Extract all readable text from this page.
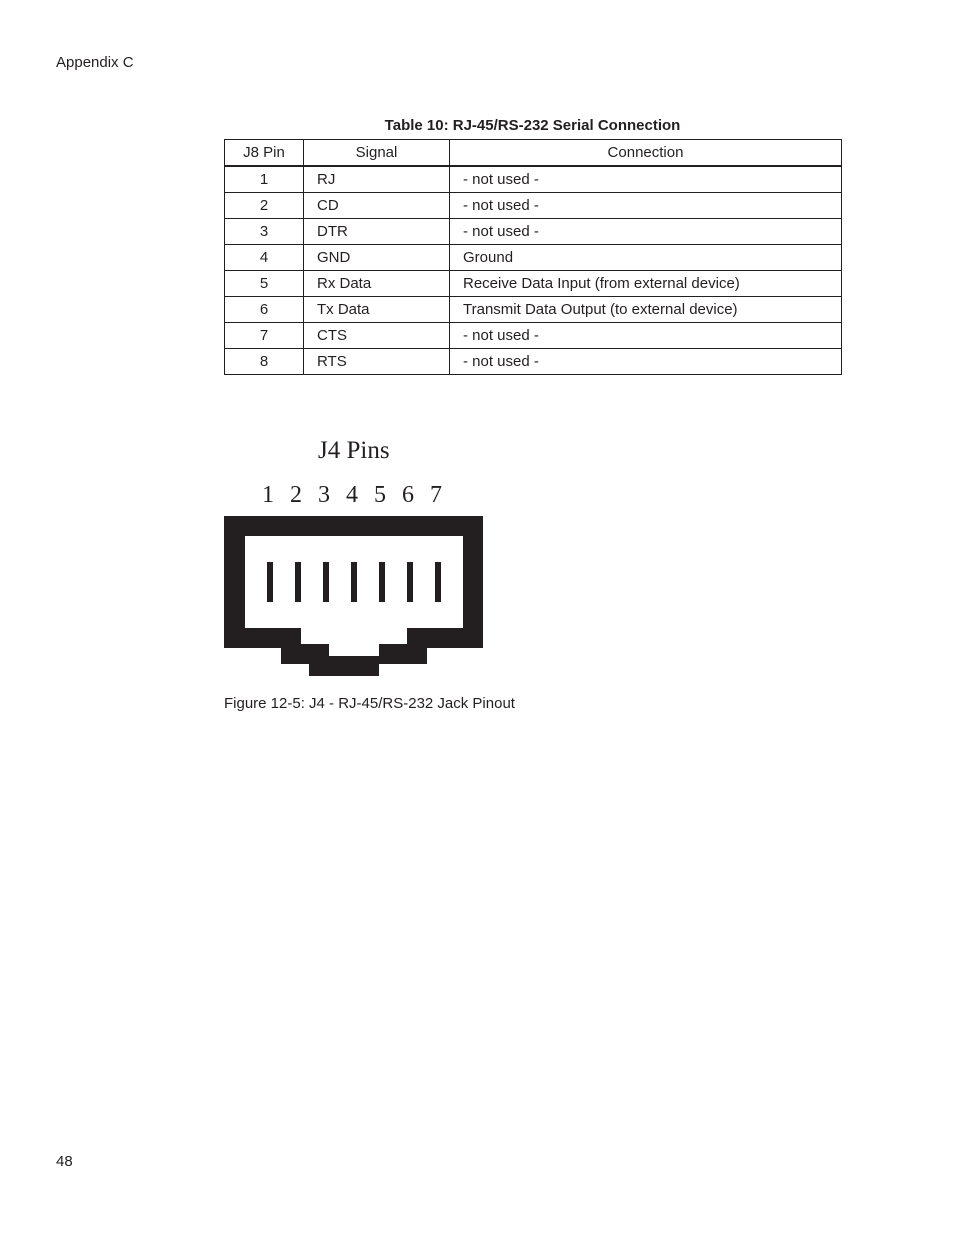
Appendix C
Table 10: RJ-45/RS-232 Serial Connection
J8 Pin	Signal	Connection
1	RJ	- not used -
2	CD	- not used -
3	DTR	- not used -
4	GND	Ground
5	Rx Data	Receive Data Input (from external device)
6	Tx Data	Transmit Data Output (to external device)
7	CTS	- not used -
8	RTS	- not used -
J4 Pins
1 2 3 4 5 6 7
Figure 12-5: J4 - RJ-45/RS-232 Jack Pinout
48
